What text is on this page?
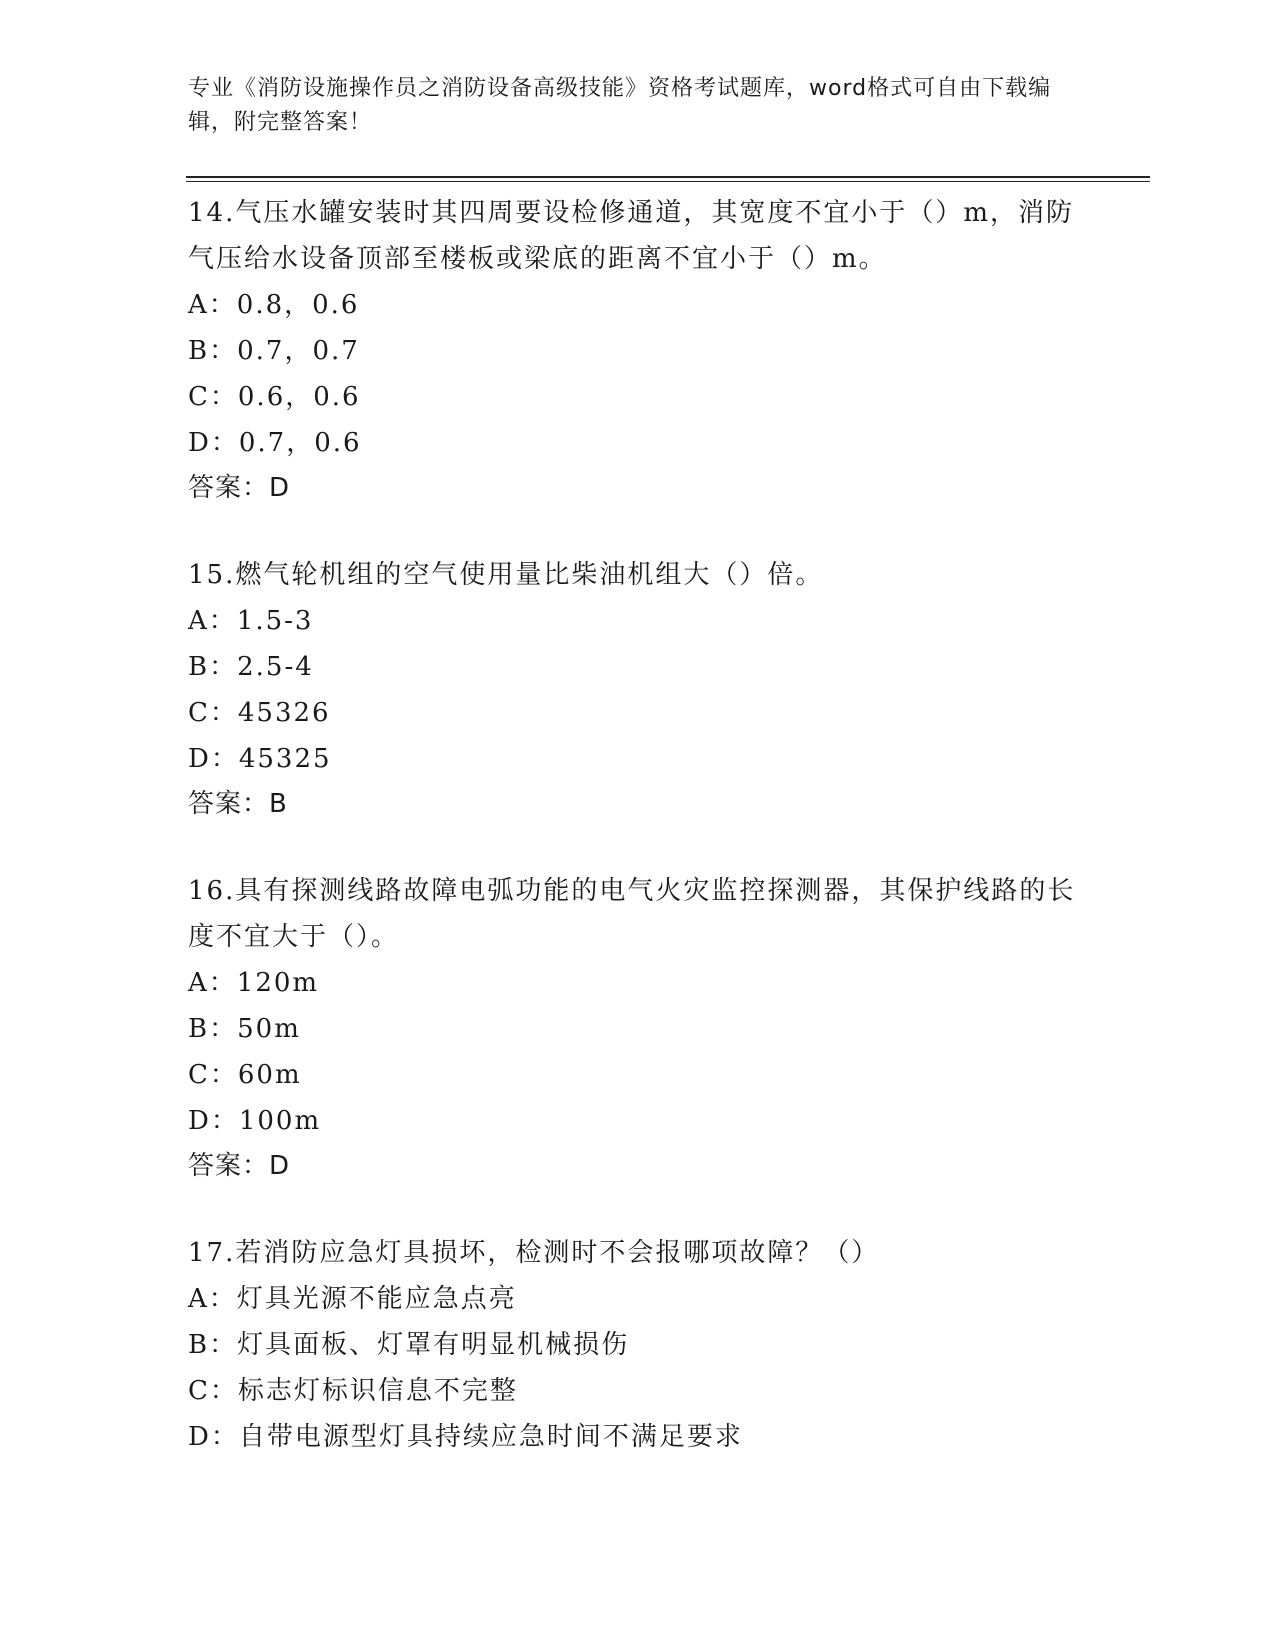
专业《消防设施操作员之消防设备高级技能》资格考试题库，word格式可自由下载编辑，附完整答案！

14.气压水罐安装时其四周要设检修通道，其宽度不宜小于（）m，消防气压给水设备顶部至楼板或梁底的距离不宜小于（）m。

A：0.8，0.6

B：0.7，0.7

C：0.6，0.6

D：0.7，0.6

答案：D

15.燃气轮机组的空气使用量比柴油机组大（）倍。

A：1.5-3

B：2.5-4

C：45326

D：45325

答案：B

16.具有探测线路故障电弧功能的电气火灾监控探测器，其保护线路的长度不宜大于（）。

A：120m

B：50m

C：60m

D：100m

答案：D

17.若消防应急灯具损坏，检测时不会报哪项故障？（）

A：灯具光源不能应急点亮

B：灯具面板、灯罩有明显机械损伤

C：标志灯标识信息不完整

D：自带电源型灯具持续应急时间不满足要求
